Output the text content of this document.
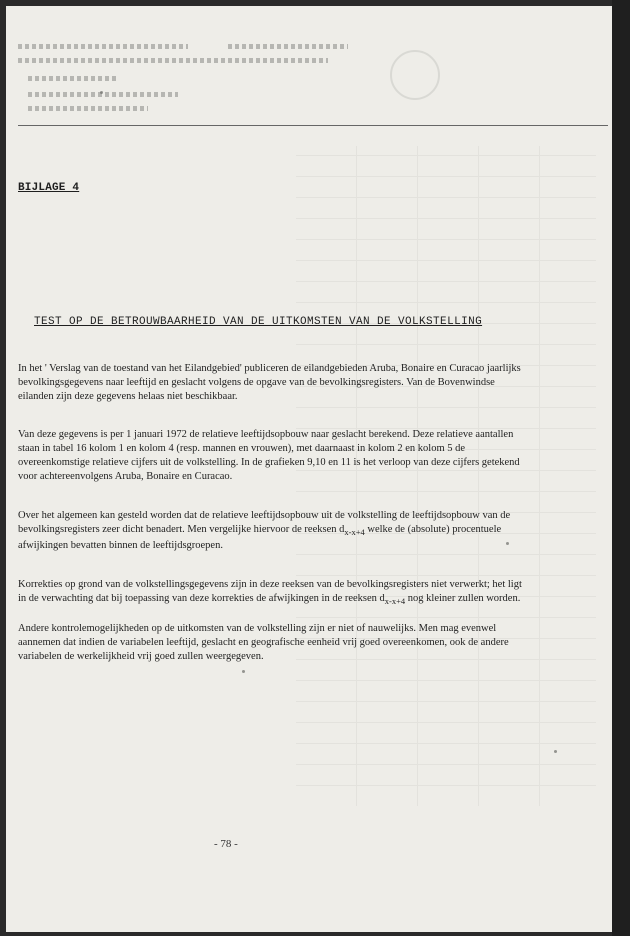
BIJLAGE 4
TEST OP DE BETROUWBAARHEID VAN DE UITKOMSTEN VAN DE VOLKSTELLING
In het ' Verslag van de toestand van het Eilandgebied' publiceren de eilandgebieden Aruba, Bonaire en Curacao jaarlijks bevolkingsgegevens naar leeftijd en geslacht volgens de opgave van de bevolkingsregisters. Van de Bovenwindse eilanden zijn deze gegevens helaas niet beschikbaar.
Van deze gegevens is per 1 januari 1972 de relatieve leeftijdsopbouw naar geslacht berekend. Deze relatieve aantallen staan in tabel 16 kolom 1 en kolom 4 (resp. mannen en vrouwen), met daarnaast in kolom 2 en kolom 5 de overeenkomstige relatieve cijfers uit de volkstelling. In de grafieken 9,10 en 11 is het verloop van deze cijfers getekend voor achtereenvolgens Aruba, Bonaire en Curacao.
Over het algemeen kan gesteld worden dat de relatieve leeftijdsopbouw uit de volkstelling de leeftijdsopbouw van de bevolkingsregisters zeer dicht benadert. Men vergelijke hiervoor de reeksen $d_{x-x+4}$ welke de (absolute) procentuele afwijkingen bevatten binnen de leeftijdsgroepen.
Korrekties op grond van de volkstellingsgegevens zijn in deze reeksen van de bevolkingsregisters niet verwerkt; het ligt in de verwachting dat bij toepassing van deze korrekties de afwijkingen in de reeksen $d_{x-x+4}$ nog kleiner zullen worden.
Andere kontrolemogelijkheden op de uitkomsten van de volkstelling zijn er niet of nauwelijks. Men mag evenwel aannemen dat indien de variabelen leeftijd, geslacht en geografische eenheid vrij goed overeenkomen, ook de andere variabelen de werkelijkheid vrij goed zullen weergegeven.
- 78 -
